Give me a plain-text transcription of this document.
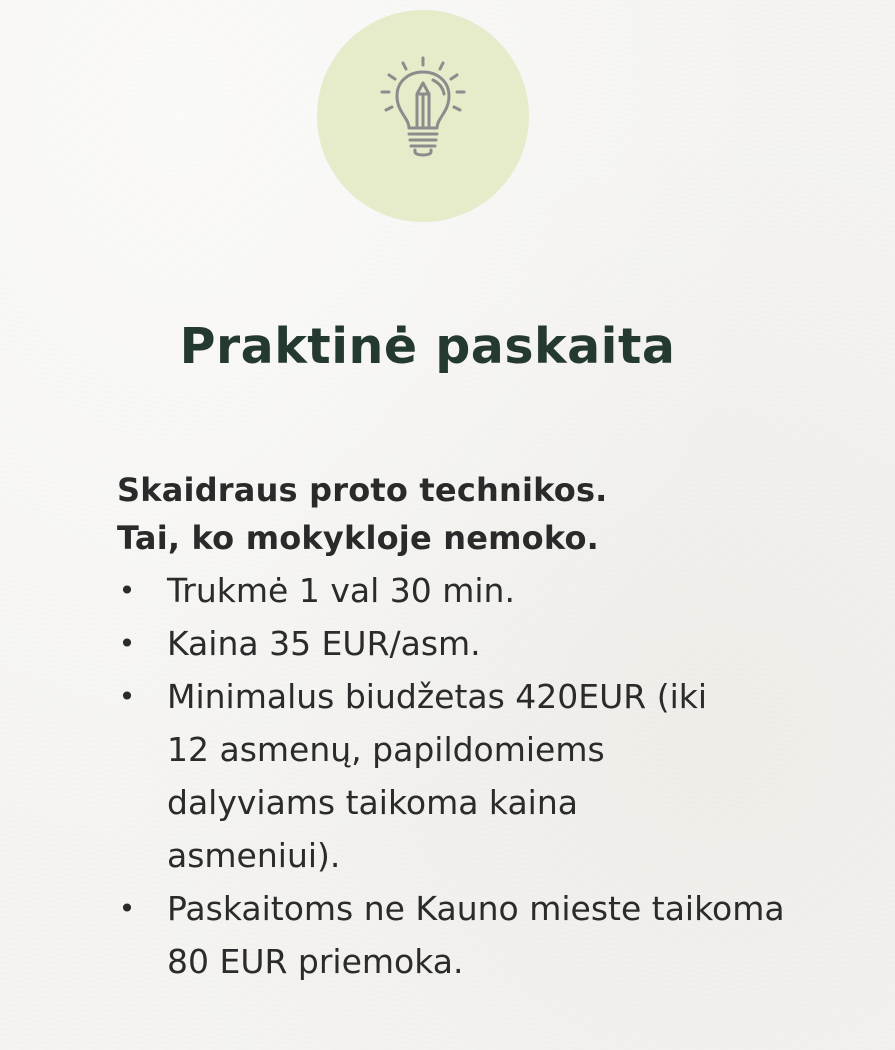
Praktinė paskaita

Skaidraus proto technikos.
Tai, ko mokykloje nemoko.

• Trukmė 1 val 30 min.
• Kaina 35 EUR/asm.
• Minimalus biudžetas 420EUR (iki 12 asmenų, papildomiems dalyviams taikoma kaina asmeniui).
• Paskaitoms ne Kauno mieste taikoma 80 EUR priemoka.
